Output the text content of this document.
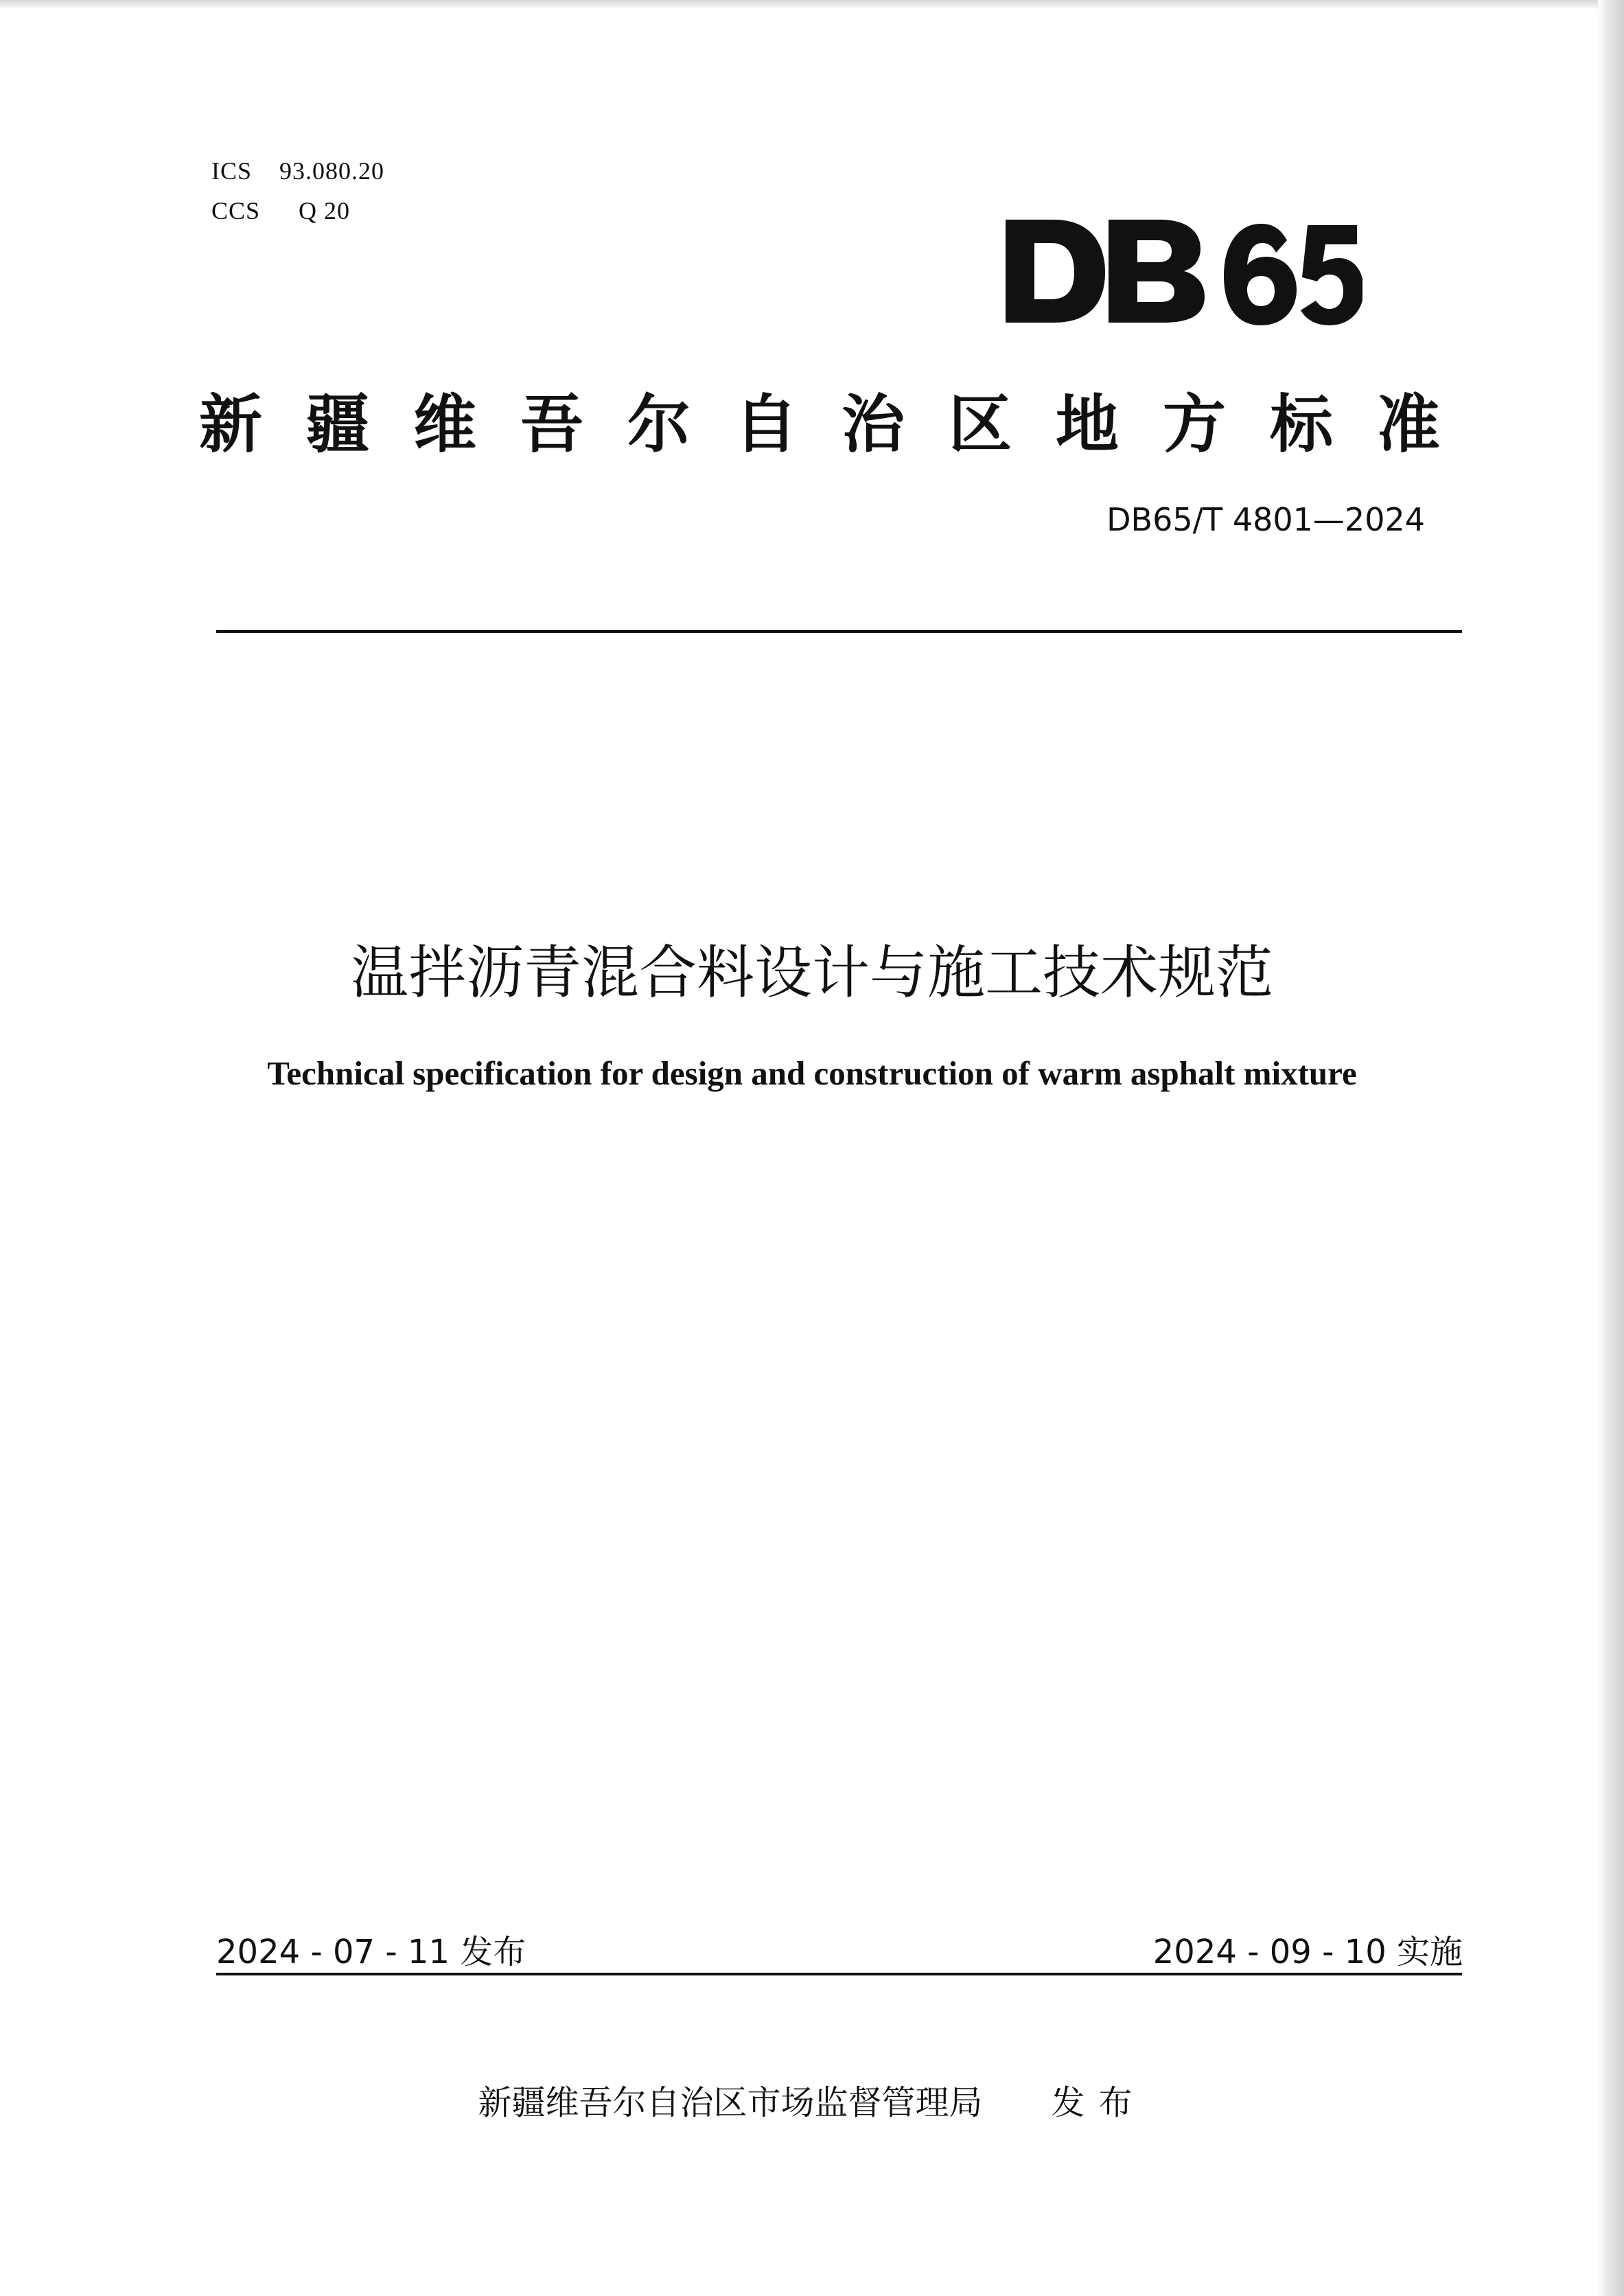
ICS 93.080.20
CCS Q 20
新疆维吾尔自治区地方标准
DB65/T 4801—2024
温拌沥青混合料设计与施工技术规范
Technical specification for design and construction of warm asphalt mixture
2024 - 07 - 11 发布	2024 - 09 - 10 实施
新疆维吾尔自治区市场监督管理局 发布
